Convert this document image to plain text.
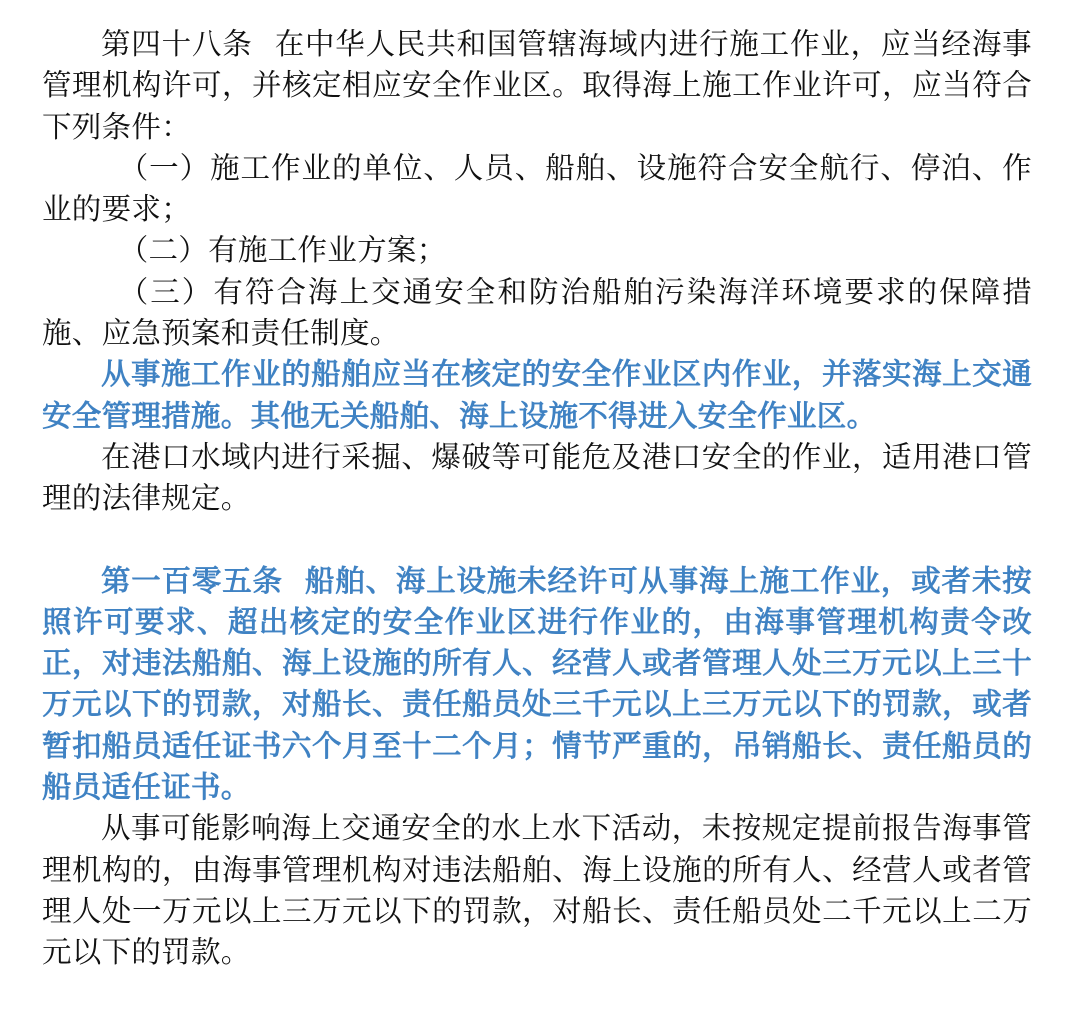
第四十八条 在中华人民共和国管辖海域内进行施工作业，应当经海事管理机构许可，并核定相应安全作业区。取得海上施工作业许可，应当符合下列条件：

（一）施工作业的单位、人员、船舶、设施符合安全航行、停泊、作业的要求；

（二）有施工作业方案；

（三）有符合海上交通安全和防治船舶污染海洋环境要求的保障措施、应急预案和责任制度。

从事施工作业的船舶应当在核定的安全作业区内作业，并落实海上交通安全管理措施。其他无关船舶、海上设施不得进入安全作业区。

在港口水域内进行采掘、爆破等可能危及港口安全的作业，适用港口管理的法律规定。

第一百零五条 船舶、海上设施未经许可从事海上施工作业，或者未按照许可要求、超出核定的安全作业区进行作业的，由海事管理机构责令改正，对违法船舶、海上设施的所有人、经营人或者管理人处三万元以上三十万元以下的罚款，对船长、责任船员处三千元以上三万元以下的罚款，或者暂扣船员适任证书六个月至十二个月；情节严重的，吊销船长、责任船员的船员适任证书。

从事可能影响海上交通安全的水上水下活动，未按规定提前报告海事管理机构的，由海事管理机构对违法船舶、海上设施的所有人、经营人或者管理人处一万元以上三万元以下的罚款，对船长、责任船员处二千元以上二万元以下的罚款。
